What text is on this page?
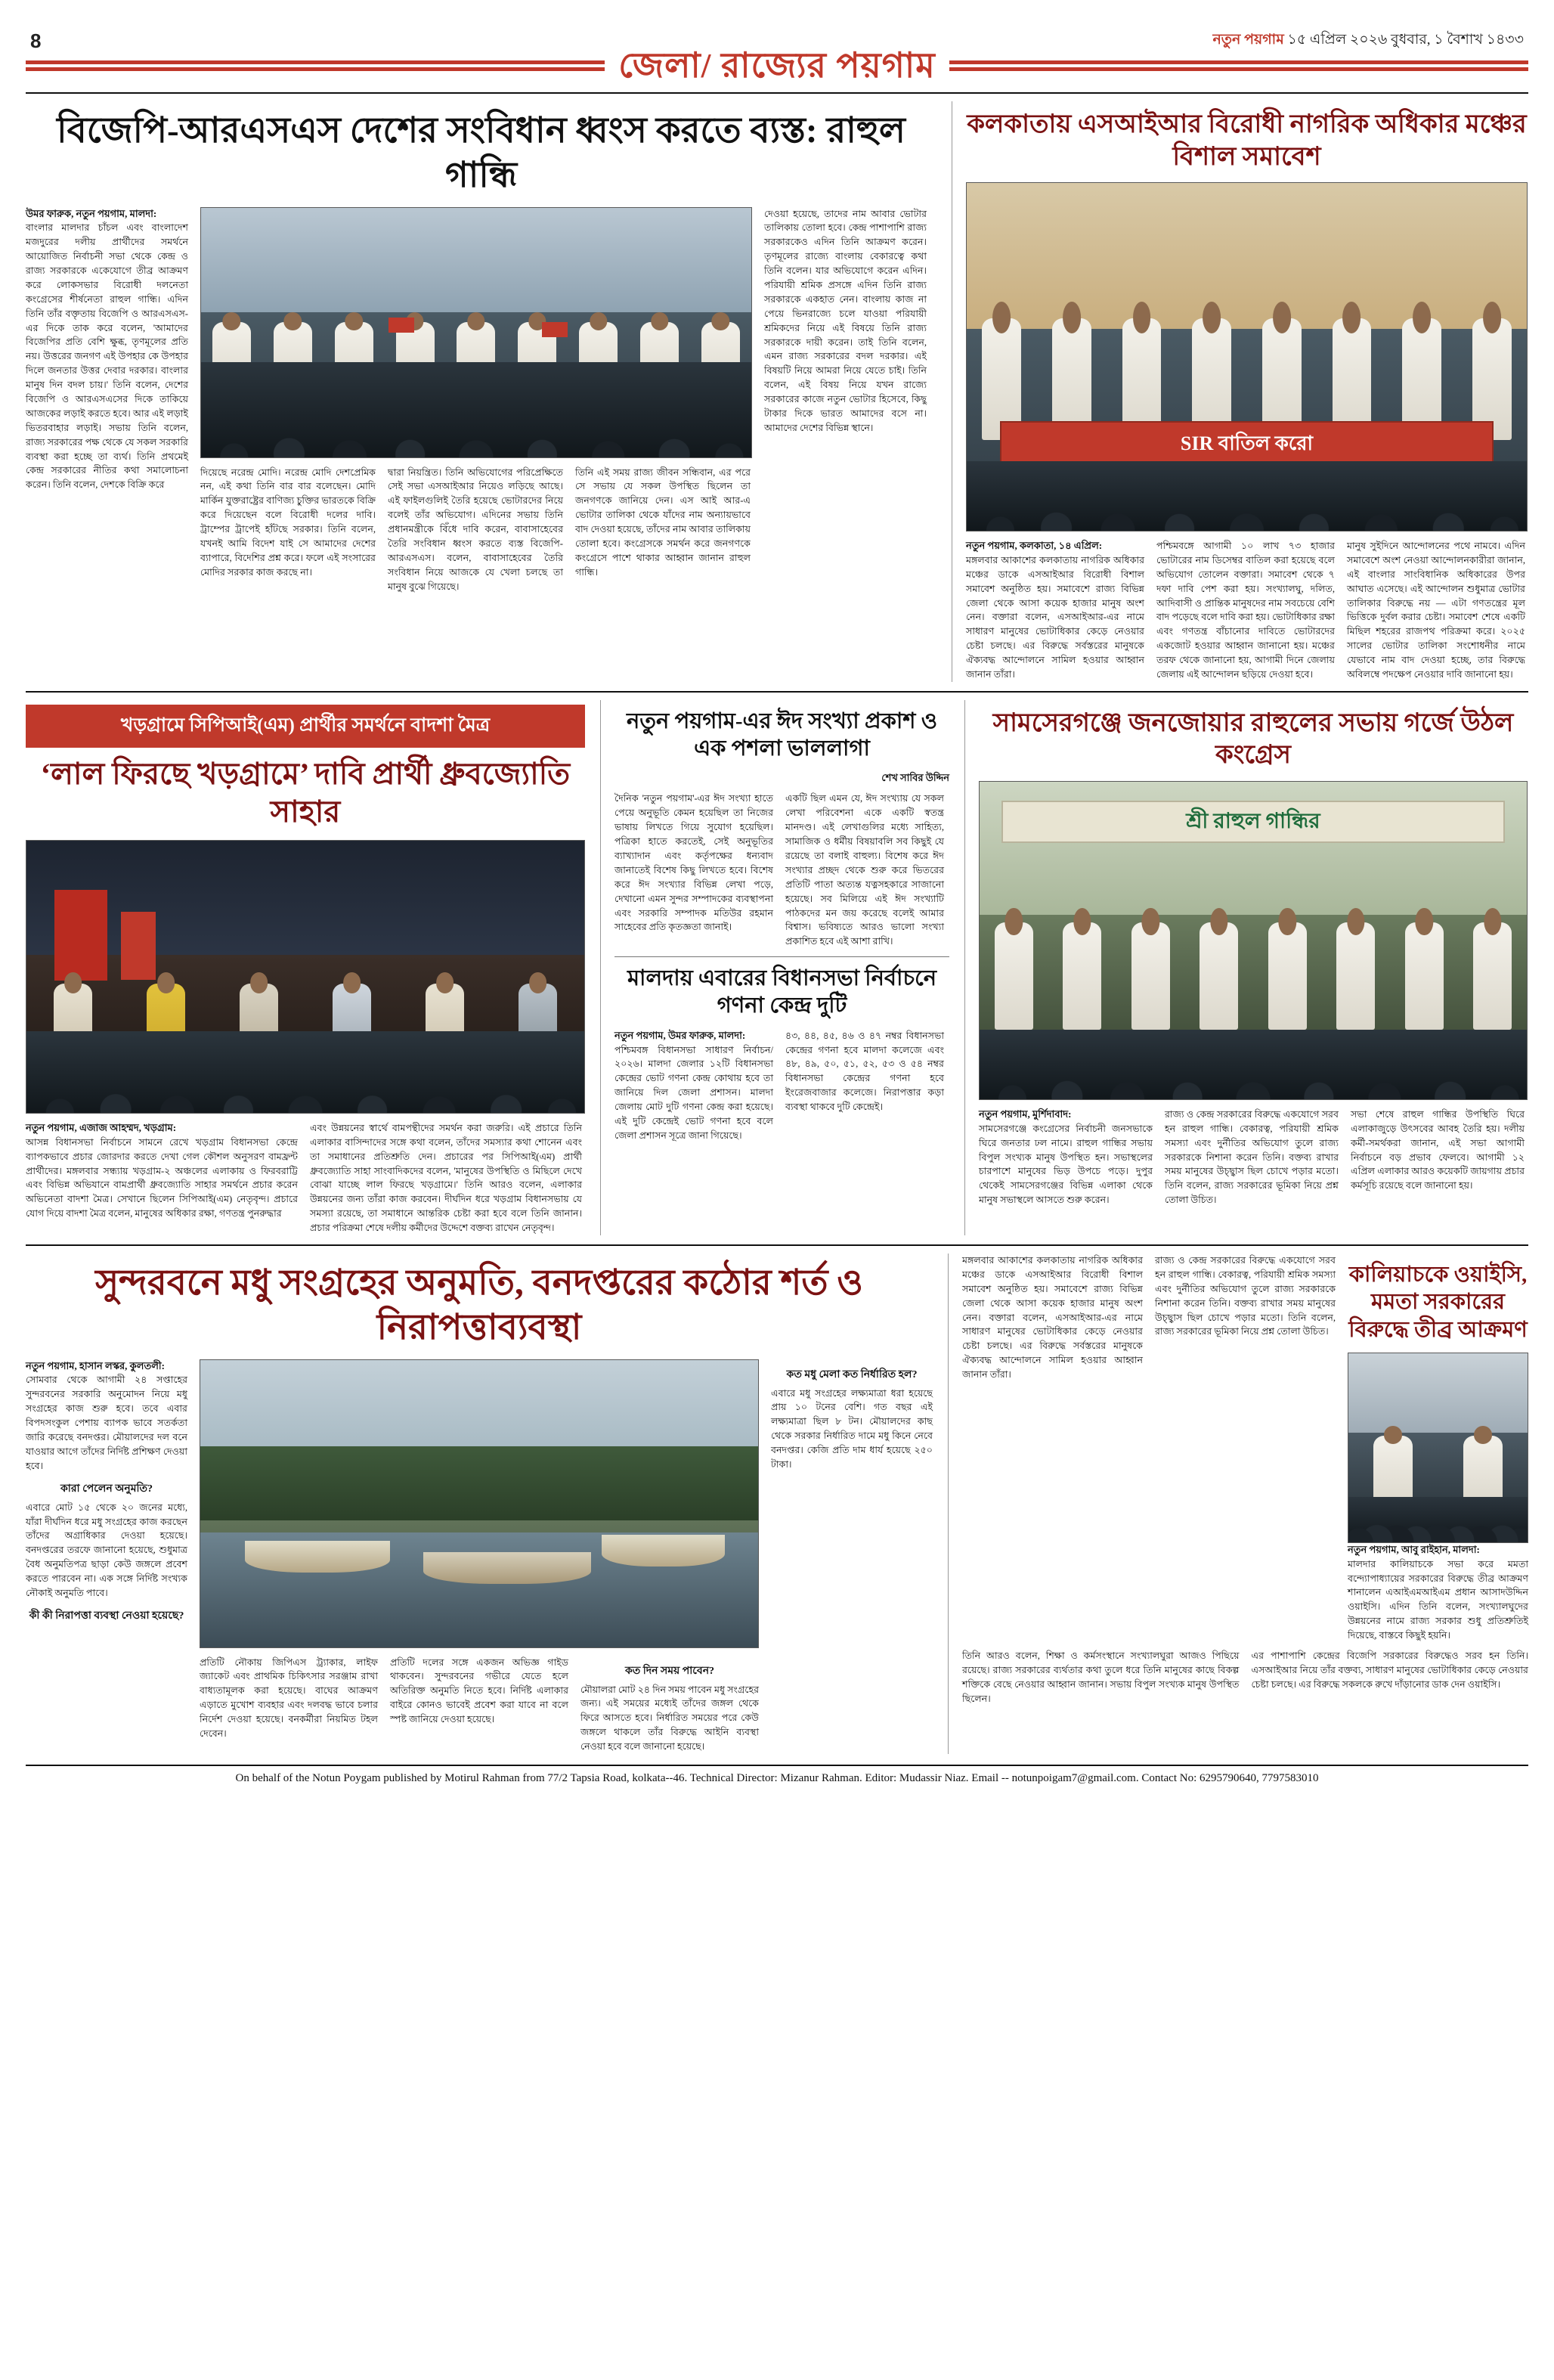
8	নতুন পয়গাম ১৫ এপ্রিল ২০২৬ বুধবার, ১ বৈশাখ ১৪৩৩
জেলা/ রাজ্যের পয়গাম
বিজেপি-আরএসএস দেশের সংবিধান ধ্বংস করতে ব্যস্ত: রাহুল গান্ধি
উমর ফারুক, নতুন পয়গাম, মালদা:
বাংলার মালদার চাঁচল এবং বাংলাদেশ মজদুরের দলীয় প্রার্থীদের সমর্থনে আয়োজিত নির্বাচনী সভা থেকে কেন্দ্র ও রাজ্য সরকারকে একেযোগে তীব্র আক্রমণ করে লোকসভার বিরোধী দলনেতা কংগ্রেসের শীর্ষনেতা রাহুল গান্ধি। এদিন তিনি তাঁর বক্তৃতায় বিজেপি ও আরএসএস-এর দিকে তাক করে বলেন, 'আমাদের বিজেপির প্রতি বেশি ক্ষুব্ধ, তৃণমূলের প্রতি নয়। উত্তরের জনগণ এই উপহার কে উপহার দিলে জনতার উত্তর দেবার দরকার। বাংলার মানুষ দিন বদল চায়।' তিনি বলেন, দেশের বিজেপি ও আরএসএসের দিকে তাকিয়ে আজকের লড়াই করতে হবে। আর এই লড়াই ভিতরবাহার লড়াই। সভায় তিনি বলেন, রাজ্য সরকারের পক্ষ থেকে যে সকল সরকারি ব্যবস্থা করা হচ্ছে তা ব্যর্থ। তিনি প্রথমেই কেন্দ্র সরকারের নীতির কথা সমালোচনা করেন। তিনি বলেন, দেশকে বিক্রি করে
দিয়েছে নরেন্দ্র মোদি। নরেন্দ্র মোদি দেশপ্রেমিক নন, এই কথা তিনি বার বার বলেছেন। মোদি মার্কিন যুক্তরাষ্ট্রের বাণিজ্য চুক্তির ভারতকে বিক্রি করে দিয়েছেন বলে বিরোধী দলের দাবি। ট্রাম্পের ট্রাপেই হাঁটছে সরকার। তিনি বলেন, যখনই আমি বিদেশ যাই সে আমাদের দেশের ব্যাপারে, বিদেশির প্রশ্ন করে। ফলে এই সংসারের মোদির সরকার কাজ করছে না।
দ্বারা নিয়ন্ত্রিত। তিনি অভিযোগের পরিপ্রেক্ষিতে সেই সভা এসআইআর নিয়েও লড়িছে আছে। এই ফাইলগুলিই তৈরি হয়েছে ভোটারদের নিয়ে বলেই তাঁর অভিযোগ। এদিনের সভায় তিনি প্রধানমন্ত্রীকে বিঁধে দাবি করেন, বাবাসাহেবের তৈরি সংবিধান ধ্বংস করতে ব্যস্ত বিজেপি-আরএসএস। বলেন, বাবাসাহেবের তৈরি সংবিধান নিয়ে আজকে যে খেলা চলছে তা মানুষ বুঝে গিয়েছে।
তিনি এই সময় রাজ্য জীবন সন্ধিবান, এর পরে সে সভায় যে সকল উপস্থিত ছিলেন তা জনগণকে জানিয়ে দেন। এস আই আর-এ ভোটার তালিকা থেকে যাঁদের নাম অন্যায়ভাবে বাদ দেওয়া হয়েছে, তাঁদের নাম আবার তালিকায় তোলা হবে। কংগ্রেসকে সমর্থন করে জনগণকে কংগ্রেসে পাশে থাকার আহ্বান জানান রাহুল গান্ধি।
দেওয়া হয়েছে, তাদের নাম আবার ভোটার তালিকায় তোলা হবে। কেন্দ্র পাশাপাশি রাজ্য সরকারকেও এদিন তিনি আক্রমণ করেন। তৃণমূলের রাজ্যে বাংলায় বেকারত্বে কথা তিনি বলেন। যার অভিযোগে করেন এদিন। পরিযায়ী শ্রমিক প্রসঙ্গে এদিন তিনি রাজ্য সরকারকে একহাত নেন। বাংলায় কাজ না পেয়ে ভিনরাজ্যে চলে যাওয়া পরিযায়ী শ্রমিকদের নিয়ে এই বিষয়ে তিনি রাজ্য সরকারকে দায়ী করেন। তাই তিনি বলেন, এমন রাজ্য সরকারের বদল দরকার। এই বিষয়টি নিয়ে আমরা নিয়ে যেতে চাই। তিনি বলেন, এই বিষয় নিয়ে যখন রাজ্যে সরকারের কাজে নতুন ভোটার হিসেবে, কিছু টাকার দিকে ভারত আমাদের বসে না। আমাদের দেশের বিভিন্ন স্থানে।
কলকাতায় এসআইআর বিরোধী নাগরিক অধিকার মঞ্চের বিশাল সমাবেশ
SIR বাতিল করো
নতুন পয়গাম, কলকাতা, ১৪ এপ্রিল:
মঙ্গলবার আকাশের কলকাতায় নাগরিক অধিকার মঞ্চের ডাকে এসআইআর বিরোধী বিশাল সমাবেশ অনুষ্ঠিত হয়। সমাবেশে রাজ্য বিভিন্ন জেলা থেকে আসা কয়েক হাজার মানুষ অংশ নেন। বক্তারা বলেন, এসআইআর-এর নামে সাধারণ মানুষের ভোটাধিকার কেড়ে নেওয়ার চেষ্টা চলছে। এর বিরুদ্ধে সর্বস্তরের মানুষকে ঐক্যবদ্ধ আন্দোলনে সামিল হওয়ার আহ্বান জানান তাঁরা।
পশ্চিমবঙ্গে আগামী ১০ লাখ ৭৩ হাজার ভোটারের নাম ডিসেম্বর বাতিল করা হয়েছে বলে অভিযোগ তোলেন বক্তারা। সমাবেশ থেকে ৭ দফা দাবি পেশ করা হয়। সংখ্যালঘু, দলিত, আদিবাসী ও প্রান্তিক মানুষদের নাম সবচেয়ে বেশি বাদ পড়েছে বলে দাবি করা হয়। ভোটাধিকার রক্ষা এবং গণতন্ত্র বাঁচানোর দাবিতে ভোটারদের একজোট হওয়ার আহ্বান জানানো হয়। মঞ্চের তরফ থেকে জানানো হয়, আগামী দিনে জেলায় জেলায় এই আন্দোলন ছড়িয়ে দেওয়া হবে।
মানুষ সুইদিনে আন্দোলনের পথে নামবে। এদিন সমাবেশে অংশ নেওয়া আন্দোলনকারীরা জানান, এই বাংলার সাংবিধানিক অধিকারের উপর আঘাত এসেছে। এই আন্দোলন শুধুমাত্র ভোটার তালিকার বিরুদ্ধে নয় — এটা গণতন্ত্রের মূল ভিত্তিকে দুর্বল করার চেষ্টা। সমাবেশ শেষে একটি মিছিল শহরের রাজপথ পরিক্রমা করে। ২০২৫ সালের ভোটার তালিকা সংশোধনীর নামে যেভাবে নাম বাদ দেওয়া হচ্ছে, তার বিরুদ্ধে অবিলম্বে পদক্ষেপ নেওয়ার দাবি জানানো হয়।
খড়গ্রামে সিপিআই(এম) প্রার্থীর সমর্থনে বাদশা মৈত্র
‘লাল ফিরছে খড়গ্রামে’ দাবি প্রার্থী ধ্রুবজ্যোতি সাহার
নতুন পয়গাম, এজাজ আহম্মদ, খড়গ্রাম:
আসন্ন বিধানসভা নির্বাচনে সামনে রেখে খড়গ্রাম বিধানসভা কেন্দ্রে ব্যাপকভাবে প্রচার জোরদার করতে দেখা গেল কৌশল অনুসরণ বামফ্রন্ট প্রার্থীদের। মঙ্গলবার সন্ধ্যায় খড়গ্রাম-২ অঞ্চলের এলাকায় ও ফিরবরাট্টি এবং বিভিন্ন অভিযানে বামপ্রার্থী ধ্রুবজ্যোতি সাহার সমর্থনে প্রচার করেন অভিনেতা বাদশা মৈত্র। সেখানে ছিলেন সিপিআই(এম) নেতৃবৃন্দ। প্রচারে যোগ দিয়ে বাদশা মৈত্র বলেন, মানুষের অধিকার রক্ষা, গণতন্ত্র পুনরুদ্ধার
এবং উন্নয়নের স্বার্থে বামপন্থীদের সমর্থন করা জরুরি। এই প্রচারে তিনি এলাকার বাসিন্দাদের সঙ্গে কথা বলেন, তাঁদের সমস্যার কথা শোনেন এবং তা সমাধানের প্রতিশ্রুতি দেন। প্রচারের পর সিপিআই(এম) প্রার্থী ধ্রুবজ্যোতি সাহা সাংবাদিকদের বলেন, 'মানুষের উপস্থিতি ও মিছিলে দেখে বোঝা যাচ্ছে লাল ফিরছে খড়গ্রামে।' তিনি আরও বলেন, এলাকার উন্নয়নের জন্য তাঁরা কাজ করবেন। দীর্ঘদিন ধরে খড়গ্রাম বিধানসভায় যে সমস্যা রয়েছে, তা সমাধানে আন্তরিক চেষ্টা করা হবে বলে তিনি জানান। প্রচার পরিক্রমা শেষে দলীয় কর্মীদের উদ্দেশে বক্তব্য রাখেন নেতৃবৃন্দ।
নতুন পয়গাম-এর ঈদ সংখ্যা প্রকাশ ও এক পশলা ভাললাগা
শেখ সাবির উদ্দিন
দৈনিক 'নতুন পয়গাম'-এর ঈদ সংখ্যা হাতে পেয়ে অনুভূতি কেমন হয়েছিল তা নিজের ভাষায় লিখতে গিয়ে সুযোগ হয়েছিল। পত্রিকা হাতে করতেই, সেই অনুভূতির ব্যাখ্যাদান এবং কর্তৃপক্ষের ধন্যবাদ জানাতেই বিশেষ কিছু লিখতে হবে। বিশেষ করে ঈদ সংখ্যার বিভিন্ন লেখা পড়ে, দেখানো এমন সুন্দর সম্পাদকের ব্যবস্থাপনা এবং সরকারি সম্পাদক মতিউর রহমান সাহেবের প্রতি কৃতজ্ঞতা জানাই।
একটি ছিল এমন যে, ঈদ সংখ্যায় যে সকল লেখা পরিবেশনা একে একটি স্বতন্ত্র মানদণ্ড। এই লেখাগুলির মধ্যে সাহিত্য, সামাজিক ও ধর্মীয় বিষয়াবলি সব কিছুই যে রয়েছে তা বলাই বাহুল্য। বিশেষ করে ঈদ সংখ্যার প্রচ্ছদ থেকে শুরু করে ভিতরের প্রতিটি পাতা অত্যন্ত যত্নসহকারে সাজানো হয়েছে। সব মিলিয়ে এই ঈদ সংখ্যাটি পাঠকদের মন জয় করেছে বলেই আমার বিশ্বাস। ভবিষ্যতে আরও ভালো সংখ্যা প্রকাশিত হবে এই আশা রাখি।
মালদায় এবারের বিধানসভা নির্বাচনে গণনা কেন্দ্র দুটি
নতুন পয়গাম, উমর ফারুক, মালদা:
পশ্চিমবঙ্গ বিধানসভা সাধারণ নির্বাচন/২০২৬। মালদা জেলার ১২টি বিধানসভা কেন্দ্রের ভোট গণনা কেন্দ্র কোথায় হবে তা জানিয়ে দিল জেলা প্রশাসন। মালদা জেলায় মোট দুটি গণনা কেন্দ্র করা হয়েছে। এই দুটি কেন্দ্রেই ভোট গণনা হবে বলে জেলা প্রশাসন সূত্রে জানা গিয়েছে।
৪৩, ৪৪, ৪৫, ৪৬ ও ৪৭ নম্বর বিধানসভা কেন্দ্রের গণনা হবে মালদা কলেজে এবং ৪৮, ৪৯, ৫০, ৫১, ৫২, ৫৩ ও ৫৪ নম্বর বিধানসভা কেন্দ্রের গণনা হবে ইংরেজবাজার কলেজে। নিরাপত্তার কড়া ব্যবস্থা থাকবে দুটি কেন্দ্রেই।
সামসেরগঞ্জে জনজোয়ার রাহুলের সভায় গর্জে উঠল কংগ্রেস
শ্রী রাহুল গান্ধির
নতুন পয়গাম, মুর্শিদাবাদ:
সামসেরগঞ্জে কংগ্রেসের নির্বাচনী জনসভাকে ঘিরে জনতার ঢল নামে। রাহুল গান্ধির সভায় বিপুল সংখ্যক মানুষ উপস্থিত হন। সভাস্থলের চারপাশে মানুষের ভিড় উপচে পড়ে। দুপুর থেকেই সামসেরগঞ্জের বিভিন্ন এলাকা থেকে মানুষ সভাস্থলে আসতে শুরু করেন।
রাজ্য ও কেন্দ্র সরকারের বিরুদ্ধে একযোগে সরব হন রাহুল গান্ধি। বেকারত্ব, পরিযায়ী শ্রমিক সমস্যা এবং দুর্নীতির অভিযোগ তুলে রাজ্য সরকারকে নিশানা করেন তিনি। বক্তব্য রাখার সময় মানুষের উচ্ছ্বাস ছিল চোখে পড়ার মতো। তিনি বলেন, রাজ্য সরকারের ভূমিকা নিয়ে প্রশ্ন তোলা উচিত।
সভা শেষে রাহুল গান্ধির উপস্থিতি ঘিরে এলাকাজুড়ে উৎসবের আবহ তৈরি হয়। দলীয় কর্মী-সমর্থকরা জানান, এই সভা আগামী নির্বাচনে বড় প্রভাব ফেলবে। আগামী ১২ এপ্রিল এলাকার আরও কয়েকটি জায়গায় প্রচার কর্মসূচি রয়েছে বলে জানানো হয়।
সুন্দরবনে মধু সংগ্রহের অনুমতি, বনদপ্তরের কঠোর শর্ত ও নিরাপত্তাব্যবস্থা
নতুন পয়গাম, হাসান লস্কর, কুলতলী:
সোমবার থেকে আগামী ২৪ সপ্তাহের সুন্দরবনের সরকারি অনুমোদন নিয়ে মধু সংগ্রহের কাজ শুরু হবে। তবে এবার বিপদসংকুল পেশায় ব্যাপক ভাবে সতর্কতা জারি করেছে বনদপ্তর। মৌয়ালদের দল বনে যাওয়ার আগে তাঁদের নির্দিষ্ট প্রশিক্ষণ দেওয়া হবে।
কারা পেলেন অনুমতি?
এবারে মোট ১৫ থেকে ২০ জনের মধ্যে, যাঁরা দীর্ঘদিন ধরে মধু সংগ্রহের কাজ করছেন তাঁদের অগ্রাধিকার দেওয়া হয়েছে। বনদপ্তরের তরফে জানানো হয়েছে, শুধুমাত্র বৈধ অনুমতিপত্র ছাড়া কেউ জঙ্গলে প্রবেশ করতে পারবেন না। এক সঙ্গে নির্দিষ্ট সংখ্যক নৌকাই অনুমতি পাবে।
কী কী নিরাপত্তা ব্যবস্থা নেওয়া হয়েছে?
প্রতিটি নৌকায় জিপিএস ট্র্যাকার, লাইফ জ্যাকেট এবং প্রাথমিক চিকিৎসার সরঞ্জাম রাখা বাধ্যতামূলক করা হয়েছে। বাঘের আক্রমণ এড়াতে মুখোশ ব্যবহার এবং দলবদ্ধ ভাবে চলার নির্দেশ দেওয়া হয়েছে। বনকর্মীরা নিয়মিত টহল দেবেন।
প্রতিটি দলের সঙ্গে একজন অভিজ্ঞ গাইড থাকবেন। সুন্দরবনের গভীরে যেতে হলে অতিরিক্ত অনুমতি নিতে হবে। নির্দিষ্ট এলাকার বাইরে কোনও ভাবেই প্রবেশ করা যাবে না বলে স্পষ্ট জানিয়ে দেওয়া হয়েছে।
কত দিন সময় পাবেন?
মৌয়ালরা মোট ২৪ দিন সময় পাবেন মধু সংগ্রহের জন্য। এই সময়ের মধ্যেই তাঁদের জঙ্গল থেকে ফিরে আসতে হবে। নির্ধারিত সময়ের পরে কেউ জঙ্গলে থাকলে তাঁর বিরুদ্ধে আইনি ব্যবস্থা নেওয়া হবে বলে জানানো হয়েছে।
কত মধু মেলা কত নির্ধারিত হল?
এবারে মধু সংগ্রহের লক্ষ্যমাত্রা ধরা হয়েছে প্রায় ১০ টনের বেশি। গত বছর এই লক্ষ্যমাত্রা ছিল ৮ টন। মৌয়ালদের কাছ থেকে সরকার নির্ধারিত দামে মধু কিনে নেবে বনদপ্তর। কেজি প্রতি দাম ধার্য হয়েছে ২৫০ টাকা।
মঙ্গলবার আকাশের কলকাতায় নাগরিক অধিকার মঞ্চের ডাকে এসআইআর বিরোধী বিশাল সমাবেশ অনুষ্ঠিত হয়। সমাবেশে রাজ্য বিভিন্ন জেলা থেকে আসা কয়েক হাজার মানুষ অংশ নেন। বক্তারা বলেন, এসআইআর-এর নামে সাধারণ মানুষের ভোটাধিকার কেড়ে নেওয়ার চেষ্টা চলছে। এর বিরুদ্ধে সর্বস্তরের মানুষকে ঐক্যবদ্ধ আন্দোলনে সামিল হওয়ার আহ্বান জানান তাঁরা।
রাজ্য ও কেন্দ্র সরকারের বিরুদ্ধে একযোগে সরব হন রাহুল গান্ধি। বেকারত্ব, পরিযায়ী শ্রমিক সমস্যা এবং দুর্নীতির অভিযোগ তুলে রাজ্য সরকারকে নিশানা করেন তিনি। বক্তব্য রাখার সময় মানুষের উচ্ছ্বাস ছিল চোখে পড়ার মতো। তিনি বলেন, রাজ্য সরকারের ভূমিকা নিয়ে প্রশ্ন তোলা উচিত।
কালিয়াচকে ওয়াইসি, মমতা সরকারের বিরুদ্ধে তীব্র আক্রমণ
নতুন পয়গাম, আবু রাইহান, মালদা:
মালদার কালিয়াচকে সভা করে মমতা বন্দ্যোপাধ্যায়ের সরকারের বিরুদ্ধে তীব্র আক্রমণ শানালেন এআইএমআইএম প্রধান আসাদউদ্দিন ওয়াইসি। এদিন তিনি বলেন, সংখ্যালঘুদের উন্নয়নের নামে রাজ্য সরকার শুধু প্রতিশ্রুতিই দিয়েছে, বাস্তবে কিছুই হয়নি।
তিনি আরও বলেন, শিক্ষা ও কর্মসংস্থানে সংখ্যালঘুরা আজও পিছিয়ে রয়েছে। রাজ্য সরকারের ব্যর্থতার কথা তুলে ধরে তিনি মানুষের কাছে বিকল্প শক্তিকে বেছে নেওয়ার আহ্বান জানান। সভায় বিপুল সংখ্যক মানুষ উপস্থিত ছিলেন।
এর পাশাপাশি কেন্দ্রের বিজেপি সরকারের বিরুদ্ধেও সরব হন তিনি। এসআইআর নিয়ে তাঁর বক্তব্য, সাধারণ মানুষের ভোটাধিকার কেড়ে নেওয়ার চেষ্টা চলছে। এর বিরুদ্ধে সকলকে রুখে দাঁড়ানোর ডাক দেন ওয়াইসি।
On behalf of the Notun Poygam published by Motirul Rahman from 77/2 Tapsia Road, kolkata--46. Technical Director: Mizanur Rahman. Editor: Mudassir Niaz. Email -- notunpoigam7@gmail.com. Contact No: 6295790640, 7797583010
